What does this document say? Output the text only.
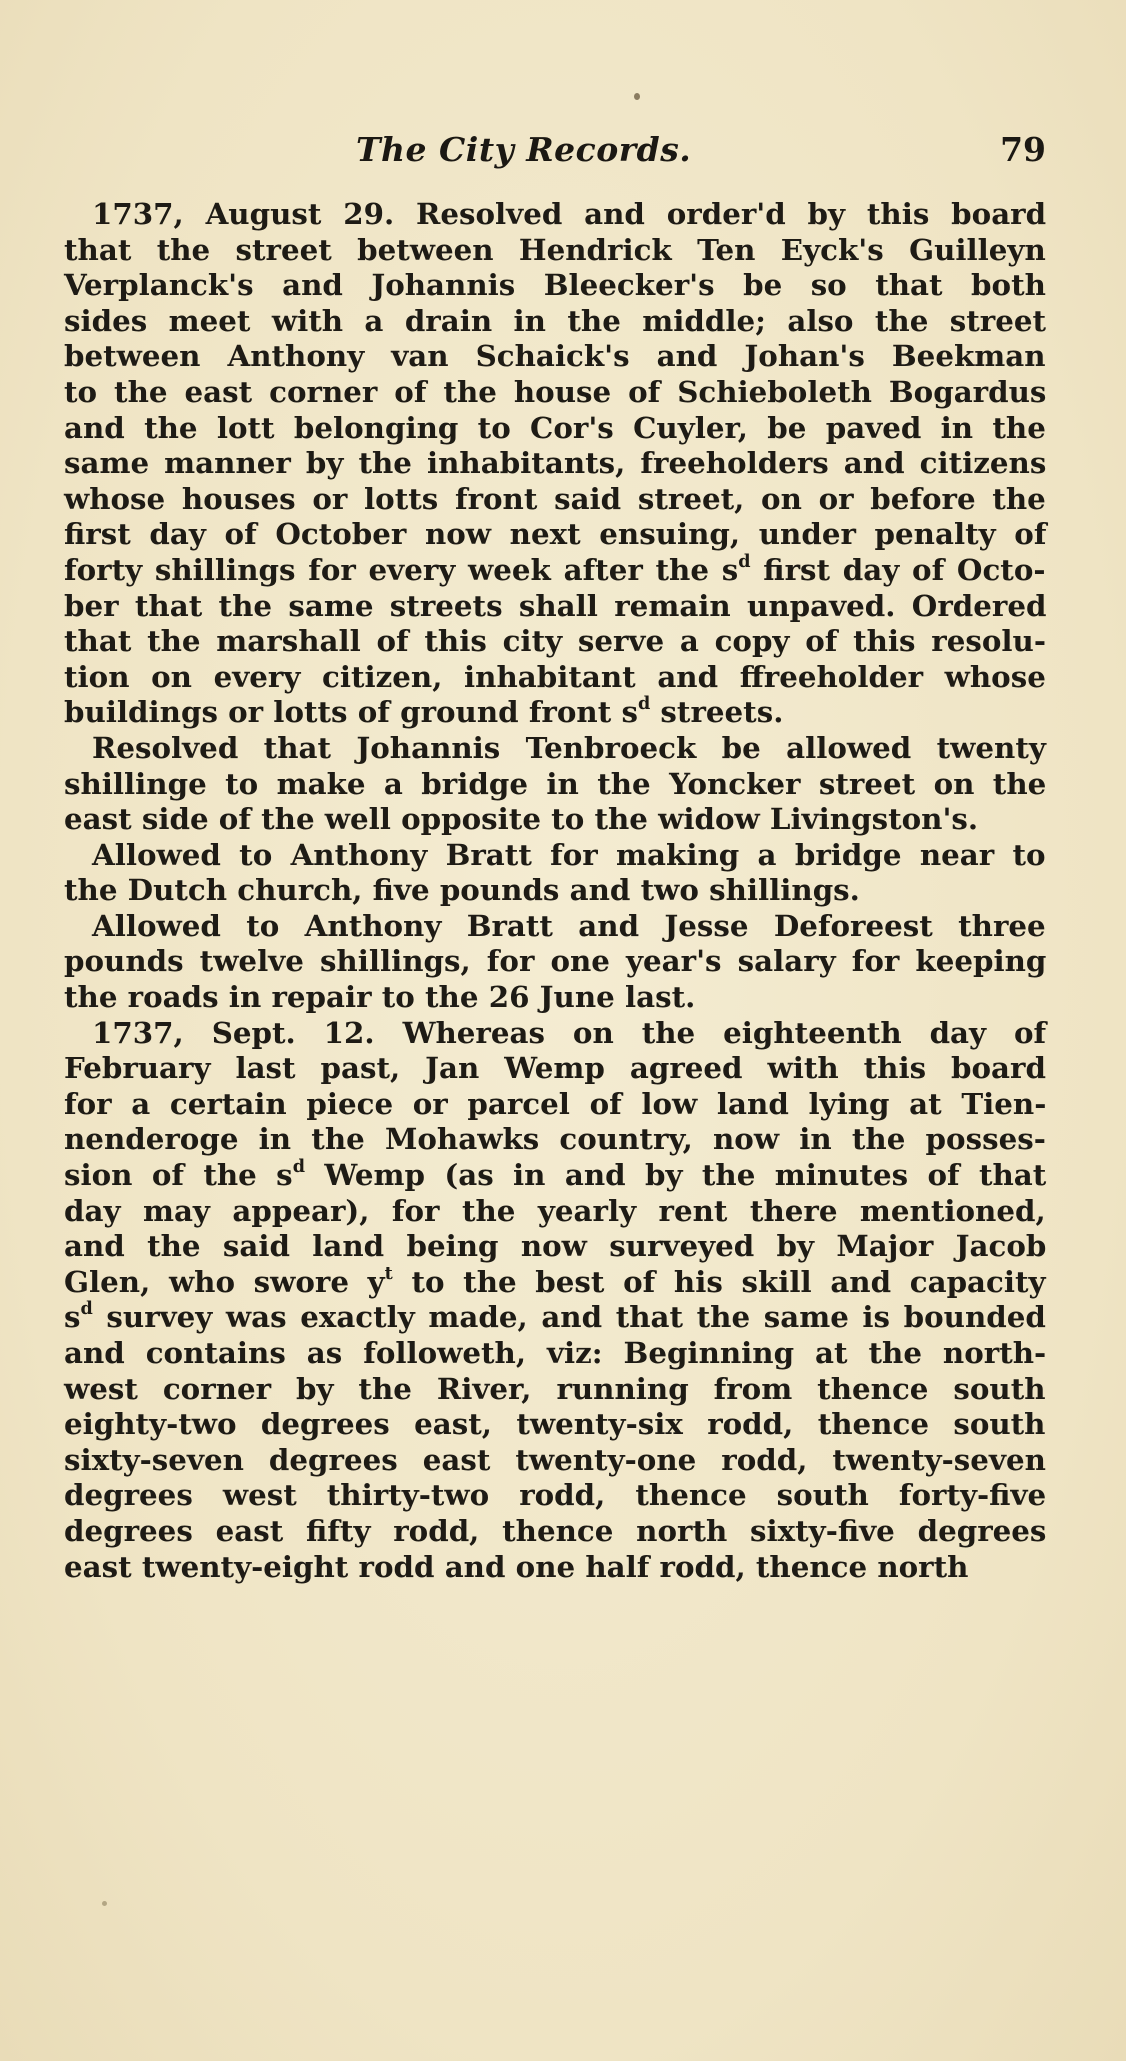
The City Records.	79
1737, August 29. Resolved and order'd by this board
that the street between Hendrick Ten Eyck's Guilleyn
Verplanck's and Johannis Bleecker's be so that both
sides meet with a drain in the middle; also the street
between Anthony van Schaick's and Johan's Beekman
to the east corner of the house of Schieboleth Bogardus
and the lott belonging to Cor's Cuyler, be paved in the
same manner by the inhabitants, freeholders and citizens
whose houses or lotts front said street, on or before the
first day of October now next ensuing, under penalty of
forty shillings for every week after the $s^d$ first day of Octo-
ber that the same streets shall remain unpaved. Ordered
that the marshall of this city serve a copy of this resolu-
tion on every citizen, inhabitant and ffreeholder whose
buildings or lotts of ground front $s^d$ streets.
Resolved that Johannis Tenbroeck be allowed twenty
shillinge to make a bridge in the Yoncker street on the
east side of the well opposite to the widow Livingston's.
Allowed to Anthony Bratt for making a bridge near to
the Dutch church, five pounds and two shillings.
Allowed to Anthony Bratt and Jesse Deforeest three
pounds twelve shillings, for one year's salary for keeping
the roads in repair to the 26 June last.
1737, Sept. 12. Whereas on the eighteenth day of
February last past, Jan Wemp agreed with this board
for a certain piece or parcel of low land lying at Tien-
nenderoge in the Mohawks country, now in the posses-
sion of the $s^d$ Wemp (as in and by the minutes of that
day may appear), for the yearly rent there mentioned,
and the said land being now surveyed by Major Jacob
Glen, who swore $y^t$ to the best of his skill and capacity
$s^d$ survey was exactly made, and that the same is bounded
and contains as followeth, viz: Beginning at the north-
west corner by the River, running from thence south
eighty-two degrees east, twenty-six rodd, thence south
sixty-seven degrees east twenty-one rodd, twenty-seven
degrees west thirty-two rodd, thence south forty-five
degrees east fifty rodd, thence north sixty-five degrees
east twenty-eight rodd and one half rodd, thence north
